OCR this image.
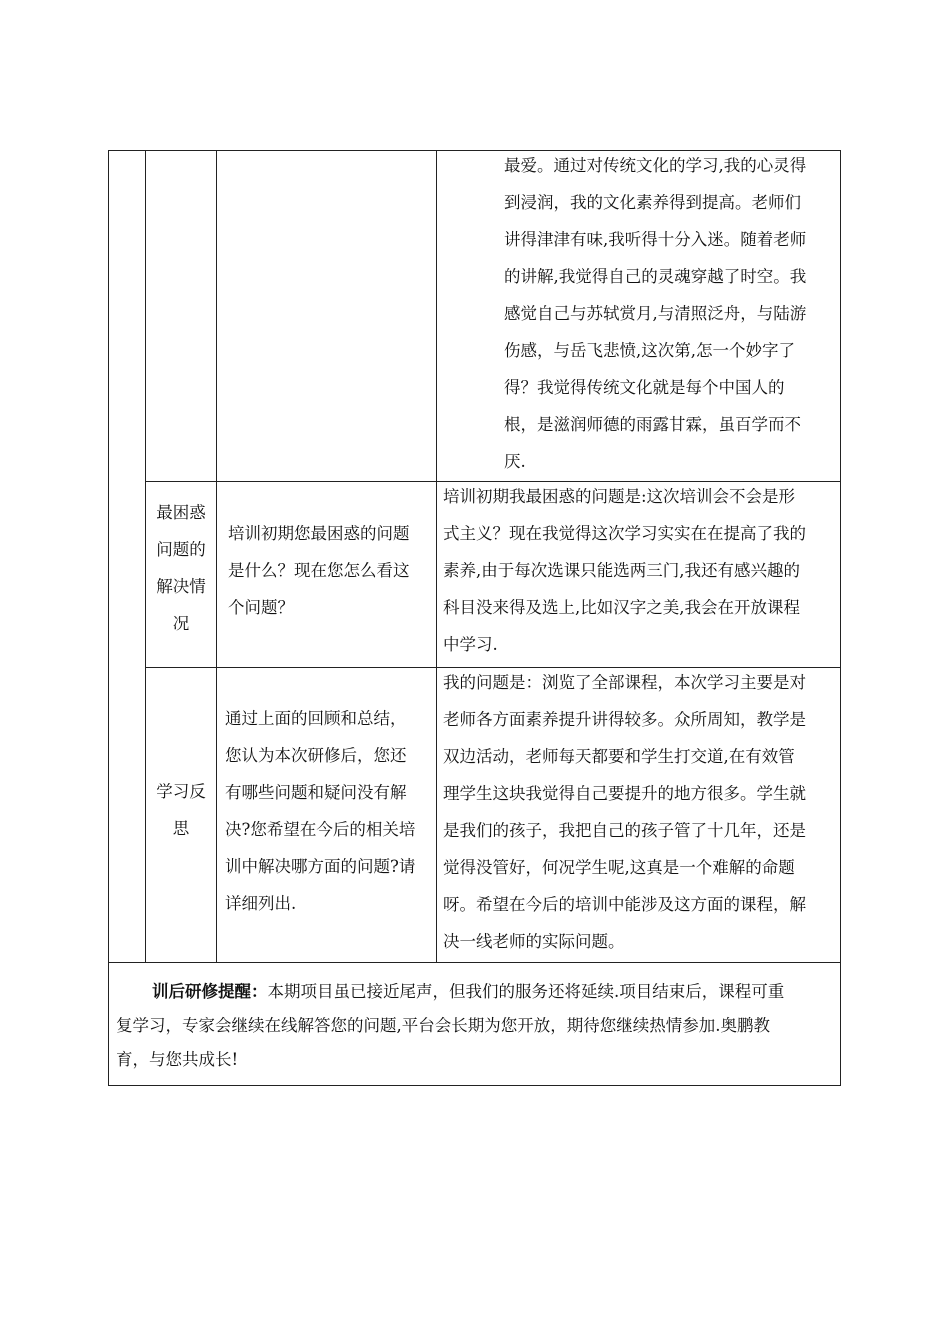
最爱。通过对传统文化的学习,我的心灵得

到浸润，我的文化素养得到提高。老师们

讲得津津有味,我听得十分入迷。随着老师

的讲解,我觉得自己的灵魂穿越了时空。我

感觉自己与苏轼赏月,与清照泛舟，与陆游

伤感，与岳飞悲愤,这次第,怎一个妙字了

得？我觉得传统文化就是每个中国人的

根，是滋润师德的雨露甘霖，虽百学而不

厌.

最困惑

问题的

解决情

况

培训初期您最困惑的问题

是什么？现在您怎么看这

个问题？

培训初期我最困惑的问题是:这次培训会不会是形

式主义？现在我觉得这次学习实实在在提高了我的

素养,由于每次选课只能选两三门,我还有感兴趣的

科目没来得及选上,比如汉字之美,我会在开放课程

中学习.

学习反

思

通过上面的回顾和总结，

您认为本次研修后，您还

有哪些问题和疑问没有解

决?您希望在今后的相关培

训中解决哪方面的问题?请

详细列出.

我的问题是：浏览了全部课程，本次学习主要是对

老师各方面素养提升讲得较多。众所周知，教学是

双边活动，老师每天都要和学生打交道,在有效管

理学生这块我觉得自己要提升的地方很多。学生就

是我们的孩子，我把自己的孩子管了十几年，还是

觉得没管好，何况学生呢,这真是一个难解的命题

呀。希望在今后的培训中能涉及这方面的课程，解

决一线老师的实际问题。

训后研修提醒：本期项目虽已接近尾声，但我们的服务还将延续.项目结束后，课程可重

复学习，专家会继续在线解答您的问题,平台会长期为您开放，期待您继续热情参加.奥鹏教

育，与您共成长!
